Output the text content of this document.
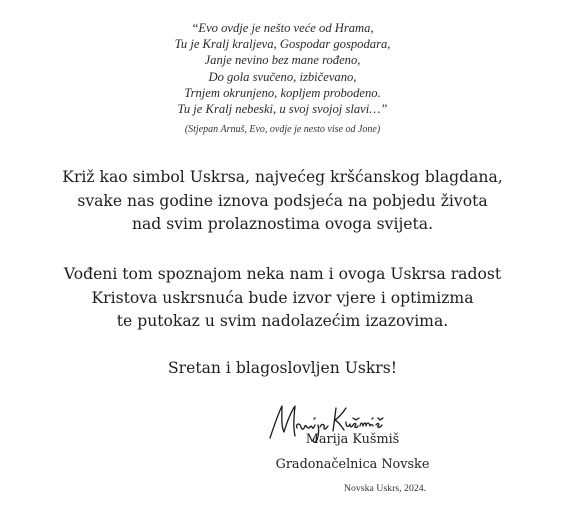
“Evo ovdje je nešto veće od Hrama,
Tu je Kralj kraljeva, Gospodar gospodara,
Janje nevino bez mane rođeno,
Do gola svučeno, izbičevano,
Trnjem okrunjeno, kopljem probodeno.
Tu je Kralj nebeski, u svoj svojoj slavi…”
(Stjepan Arnuš, Evo, ovdje je nesto vise od Jone)
Križ kao simbol Uskrsa, najvećeg kršćanskog blagdana,
svake nas godine iznova podsjeća na pobjedu života
nad svim prolaznostima ovoga svijeta.
Vođeni tom spoznajom neka nam i ovoga Uskrsa radost
Kristova uskrsnuća bude izvor vjere i optimizma
te putokaz u svim nadolazećim izazovima.
Sretan i blagoslovljen Uskrs!
Marija Kušmiš
Gradonačelnica Novske
Novska Uskrs, 2024.
